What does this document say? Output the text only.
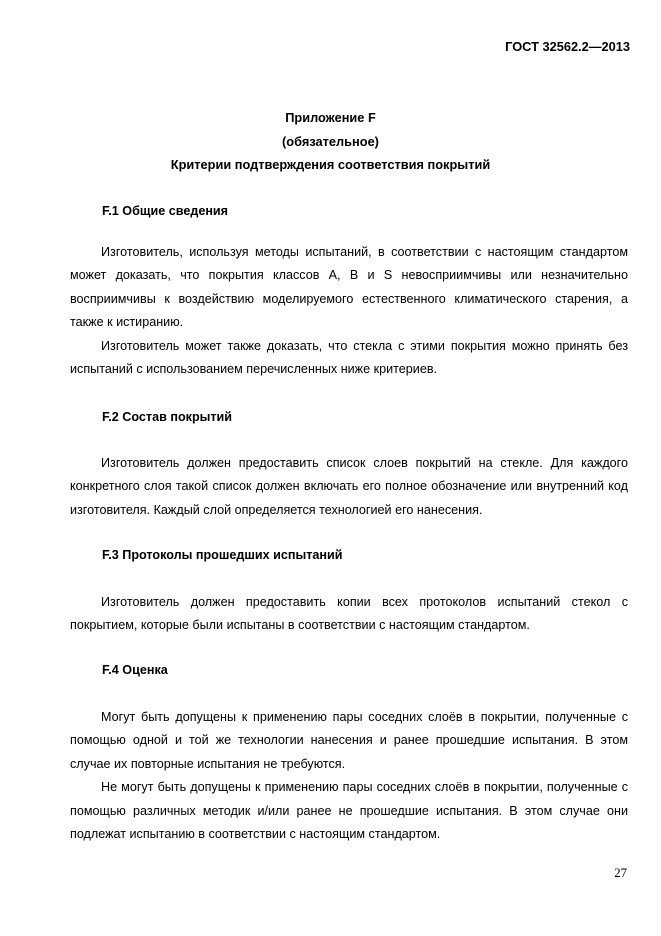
ГОСТ 32562.2—2013
Приложение F
(обязательное)
Критерии подтверждения соответствия покрытий
F.1 Общие сведения

Изготовитель, используя методы испытаний, в соответствии с настоящим стандартом может доказать, что покрытия классов A, B и S невосприимчивы или незначительно восприимчивы к воздействию моделируемого естественного климатического старения, а также к истиранию.

Изготовитель может также доказать, что стекла с этими покрытия можно принять без испытаний с использованием перечисленных ниже критериев.

F.2 Состав покрытий

Изготовитель должен предоставить список слоев покрытий на стекле. Для каждого конкретного слоя такой список должен включать его полное обозначение или внутренний код изготовителя. Каждый слой определяется технологией его нанесения.

F.3 Протоколы прошедших испытаний

Изготовитель должен предоставить копии всех протоколов испытаний стекол с покрытием, которые были испытаны в соответствии с настоящим стандартом.

F.4 Оценка

Могут быть допущены к применению пары соседних слоёв в покрытии, полученные с помощью одной и той же технологии нанесения и ранее прошедшие испытания. В этом случае их повторные испытания не требуются.

Не могут быть допущены к применению пары соседних слоёв в покрытии, полученные с помощью различных методик и/или ранее не прошедшие испытания. В этом случае они подлежат испытанию в соответствии с настоящим стандартом.

27
